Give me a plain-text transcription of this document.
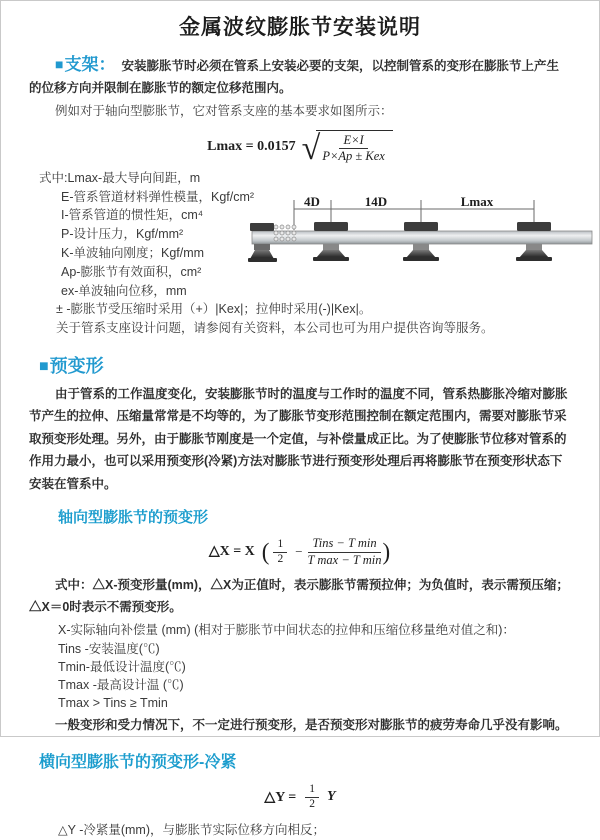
金属波纹膨胀节安装说明

■支架： 安装膨胀节时必须在管系上安装必要的支架，以控制管系的变形在膨胀节上产生的位移方向并限制在膨胀节的额定位移范围内。

例如对于轴向型膨胀节，它对管系支座的基本要求如图所示：

Lmax = 0.0157 √ $\frac{E\times I}{\text{P×Ap ± Kex}}$
式中:Lmax-最大导向间距，m
E-管系管道材料弹性模量，Kgf/cm²
I-管系管道的惯性矩，cm⁴
P-设计压力，Kgf/mm²
K-单波轴向刚度；Kgf/mm
Ap-膨胀节有效面积，cm²
ex-单波轴向位移，mm
± -膨胀节受压缩时采用（+）|Kex|；拉伸时采用(-)|Kex|。
关于管系支座设计问题，请参阅有关资料，本公司也可为用户提供咨询等服务。
4D	14D	Lmax
■预变形

由于管系的工作温度变化，安装膨胀节时的温度与工作时的温度不同，管系热膨胀冷缩对膨胀节产生的拉伸、压缩量常常是不均等的，为了膨胀节变形范围控制在额定范围内，需要对膨胀节采取预变形处理。另外，由于膨胀节刚度是一个定值，与补偿量成正比。为了使膨胀节位移对管系的作用力最小，也可以采用预变形(冷紧)方法对膨胀节进行预变形处理后再将膨胀节在预变形状态下安装在管系中。

轴向型膨胀节的预变形
△X = X ( $\frac{1}{2} - \frac{\text{Tins − T min}}{\text{T max − T min}}$ )

式中：△X-预变形量(mm)，△X为正值时，表示膨胀节需预拉伸；为负值时，表示需预压缩；△X＝0时表示不需预变形。

X-实际轴向补偿量 (mm) (相对于膨胀节中间状态的拉伸和压缩位移量绝对值之和)：
Tins -安装温度(℃)
Tmin-最低设计温度(℃)
Tmax -最高设计温 (℃)
Tmax > Tins ≥ Tmin

一般变形和受力情况下，不一定进行预变形，是否预变形对膨胀节的疲劳寿命几乎没有影响。

横向型膨胀节的预变形-冷紧
△Y = $\frac{1}{2}$ Y
△Y -冷紧量(mm)，与膨胀节实际位移方向相反；
